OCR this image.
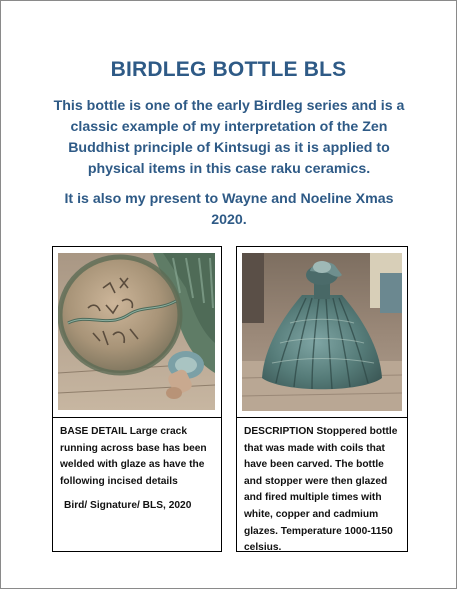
BIRDLEG BOTTLE BLS

This bottle is one of the early Birdleg series and is a classic example of my interpretation of the Zen Buddhist principle of Kintsugi as it is applied to physical items in this case raku ceramics.

It is also my present to Wayne and Noeline Xmas 2020.

BASE DETAIL Large crack running across base has been welded with glaze as have the following incised details

Bird/ Signature/ BLS, 2020

DESCRIPTION Stoppered bottle that was made with coils that have been carved. The bottle and stopper were then glazed and fired multiple times with white, copper and cadmium glazes. Temperature 1000-1150 celsius.
